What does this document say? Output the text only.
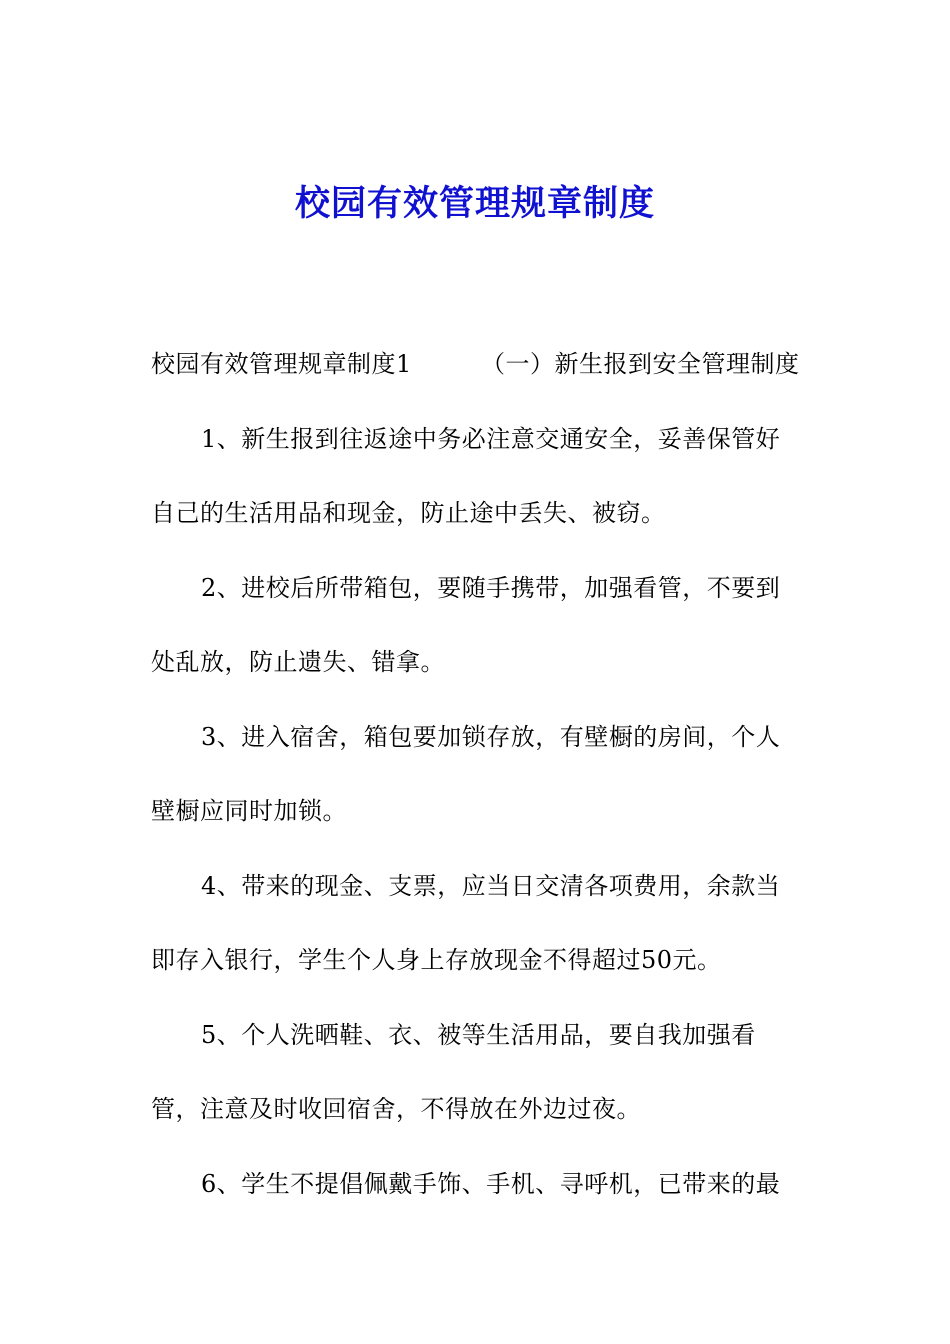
校园有效管理规章制度
校园有效管理规章制度1	（一）新生报到安全管理制度
1、新生报到往返途中务必注意交通安全，妥善保管好
自己的生活用品和现金，防止途中丢失、被窃。
2、进校后所带箱包，要随手携带，加强看管，不要到
处乱放，防止遗失、错拿。
3、进入宿舍，箱包要加锁存放，有壁橱的房间，个人
壁橱应同时加锁。
4、带来的现金、支票，应当日交清各项费用，余款当
即存入银行，学生个人身上存放现金不得超过50元。
5、个人洗晒鞋、衣、被等生活用品，要自我加强看
管，注意及时收回宿舍，不得放在外边过夜。
6、学生不提倡佩戴手饰、手机、寻呼机，已带来的最
